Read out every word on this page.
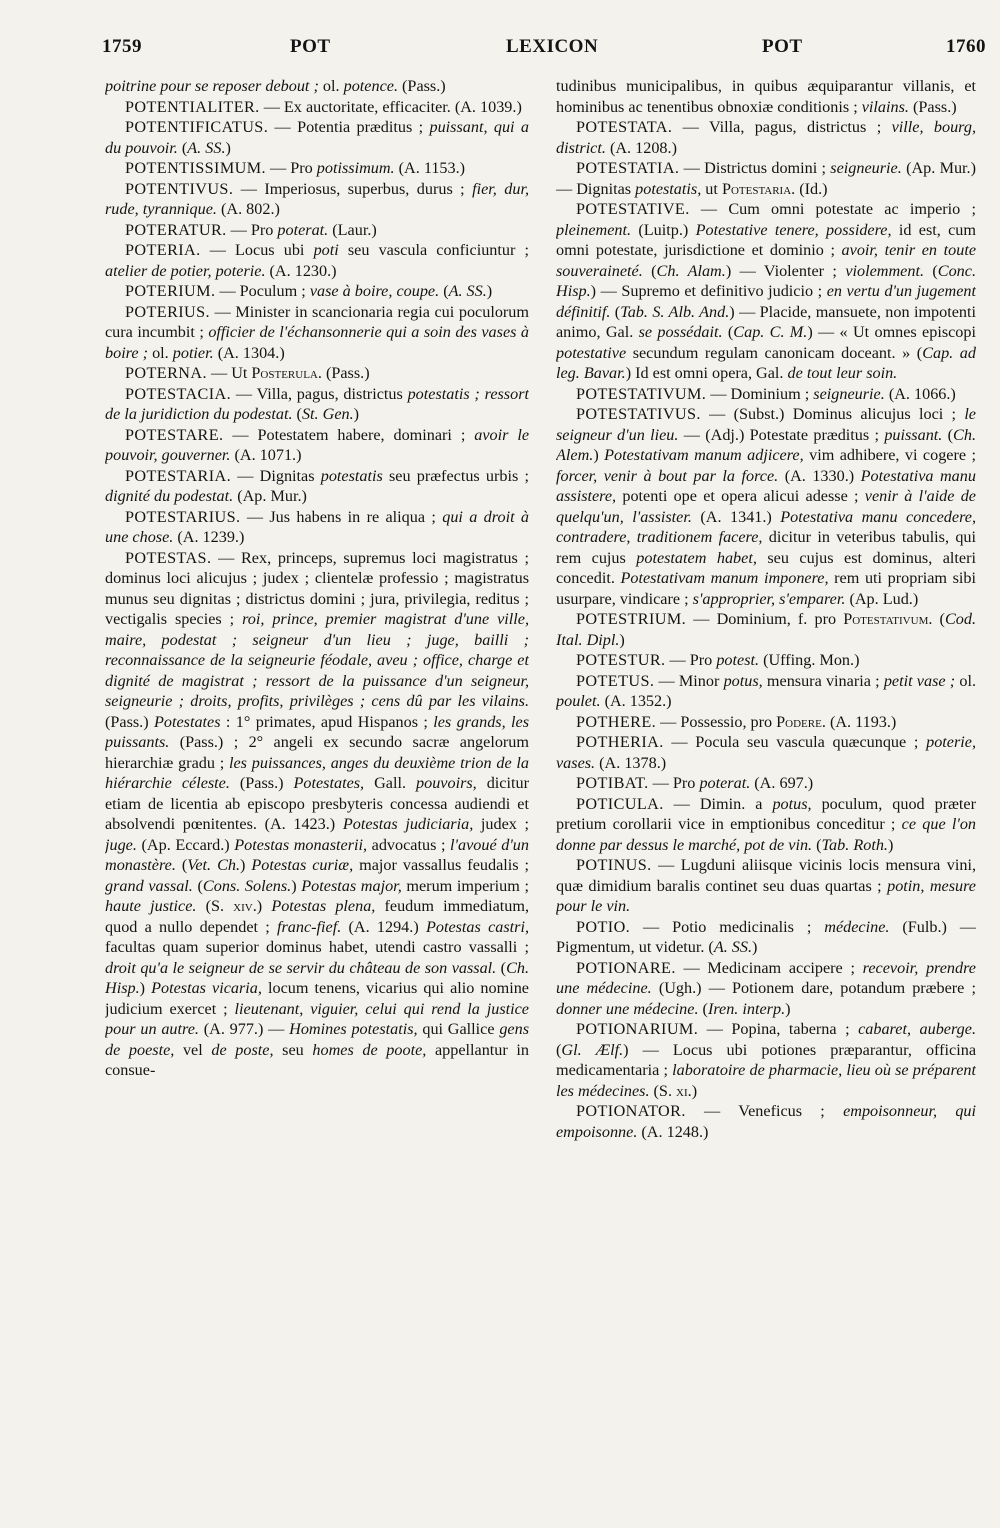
1759	POT	LEXICON	POT	1760

poitrine pour se reposer debout ; ol. potence. (Pass.)

POTENTIALITER. — Ex auctoritate, efficaciter. (A. 1039.)

POTENTIFICATUS. — Potentia præditus ; puissant, qui a du pouvoir. (A. SS.)

POTENTISSIMUM. — Pro potissimum. (A. 1153.)

POTENTIVUS. — Imperiosus, superbus, durus ; fier, dur, rude, tyrannique. (A. 802.)

POTERATUR. — Pro poterat. (Laur.)

POTERIA. — Locus ubi poti seu vascula conficiuntur ; atelier de potier, poterie. (A. 1230.)

POTERIUM. — Poculum ; vase à boire, coupe. (A. SS.)

POTERIUS. — Minister in scancionaria regia cui poculorum cura incumbit ; officier de l'échansonnerie qui a soin des vases à boire ; ol. potier. (A. 1304.)

POTERNA. — Ut Posterula. (Pass.)

POTESTACIA. — Villa, pagus, districtus potestatis ; ressort de la juridiction du podestat. (St. Gen.)

POTESTARE. — Potestatem habere, dominari ; avoir le pouvoir, gouverner. (A. 1071.)

POTESTARIA. — Dignitas potestatis seu præfectus urbis ; dignité du podestat. (Ap. Mur.)

POTESTARIUS. — Jus habens in re aliqua ; qui a droit à une chose. (A. 1239.)

POTESTAS. — Rex, princeps, supremus loci magistratus ; dominus loci alicujus ; judex ; clientelæ professio ; magistratus munus seu dignitas ; districtus domini ; jura, privilegia, reditus ; vectigalis species ; roi, prince, premier magistrat d'une ville, maire, podestat ; seigneur d'un lieu ; juge, bailli ; reconnaissance de la seigneurie féodale, aveu ; office, charge et dignité de magistrat ; ressort de la puissance d'un seigneur, seigneurie ; droits, profits, privilèges ; cens dû par les vilains. (Pass.) Potestates : 1° primates, apud Hispanos ; les grands, les puissants. (Pass.) ; 2° angeli ex secundo sacræ angelorum hierarchiæ gradu ; les puissances, anges du deuxième trion de la hiérarchie céleste. (Pass.) Potestates, Gall. pouvoirs, dicitur etiam de licentia ab episcopo presbyteris concessa audiendi et absolvendi pœnitentes. (A. 1423.) Potestas judiciaria, judex ; juge. (Ap. Eccard.) Potestas monasterii, advocatus ; l'avoué d'un monastère. (Vet. Ch.) Potestas curiæ, major vassallus feudalis ; grand vassal. (Cons. Solens.) Potestas major, merum imperium ; haute justice. (S. xiv.) Potestas plena, feudum immediatum, quod a nullo dependet ; franc-fief. (A. 1294.) Potestas castri, facultas quam superior dominus habet, utendi castro vassalli ; droit qu'a le seigneur de se servir du château de son vassal. (Ch. Hisp.) Potestas vicaria, locum tenens, vicarius qui alio nomine judicium exercet ; lieutenant, viguier, celui qui rend la justice pour un autre. (A. 977.) — Homines potestatis, qui Gallice gens de poeste, vel de poste, seu homes de poote, appellantur in consue-

tudinibus municipalibus, in quibus æquiparantur villanis, et hominibus ac tenentibus obnoxiæ conditionis ; vilains. (Pass.)

POTESTATA. — Villa, pagus, districtus ; ville, bourg, district. (A. 1208.)

POTESTATIA. — Districtus domini ; seigneurie. (Ap. Mur.) — Dignitas potestatis, ut Potestaria. (Id.)

POTESTATIVE. — Cum omni potestate ac imperio ; pleinement. (Luitp.) Potestative tenere, possidere, id est, cum omni potestate, jurisdictione et dominio ; avoir, tenir en toute souveraineté. (Ch. Alam.) — Violenter ; violemment. (Conc. Hisp.) — Supremo et definitivo judicio ; en vertu d'un jugement définitif. (Tab. S. Alb. And.) — Placide, mansuete, non impotenti animo, Gal. se possédait. (Cap. C. M.) — « Ut omnes episcopi potestative secundum regulam canonicam doceant. » (Cap. ad leg. Bavar.) Id est omni opera, Gal. de tout leur soin.

POTESTATIVUM. — Dominium ; seigneurie. (A. 1066.)

POTESTATIVUS. — (Subst.) Dominus alicujus loci ; le seigneur d'un lieu. — (Adj.) Potestate præditus ; puissant. (Ch. Alem.) Potestativam manum adjicere, vim adhibere, vi cogere ; forcer, venir à bout par la force. (A. 1330.) Potestativa manu assistere, potenti ope et opera alicui adesse ; venir à l'aide de quelqu'un, l'assister. (A. 1341.) Potestativa manu concedere, contradere, traditionem facere, dicitur in veteribus tabulis, qui rem cujus potestatem habet, seu cujus est dominus, alteri concedit. Potestativam manum imponere, rem uti propriam sibi usurpare, vindicare ; s'approprier, s'emparer. (Ap. Lud.)

POTESTRIUM. — Dominium, f. pro Potestativum. (Cod. Ital. Dipl.)

POTESTUR. — Pro potest. (Uffing. Mon.)

POTETUS. — Minor potus, mensura vinaria ; petit vase ; ol. poulet. (A. 1352.)

POTHERE. — Possessio, pro Podere. (A. 1193.)

POTHERIA. — Pocula seu vascula quæcunque ; poterie, vases. (A. 1378.)

POTIBAT. — Pro poterat. (A. 697.)

POTICULA. — Dimin. a potus, poculum, quod præter pretium corollarii vice in emptionibus conceditur ; ce que l'on donne par dessus le marché, pot de vin. (Tab. Roth.)

POTINUS. — Lugduni aliisque vicinis locis mensura vini, quæ dimidium baralis continet seu duas quartas ; potin, mesure pour le vin.

POTIO. — Potio medicinalis ; médecine. (Fulb.) — Pigmentum, ut videtur. (A. SS.)

POTIONARE. — Medicinam accipere ; recevoir, prendre une médecine. (Ugh.) — Potionem dare, potandum præbere ; donner une médecine. (Iren. interp.)

POTIONARIUM. — Popina, taberna ; cabaret, auberge. (Gl. Ælf.) — Locus ubi potiones præparantur, officina medicamentaria ; laboratoire de pharmacie, lieu où se préparent les médecines. (S. xi.)

POTIONATOR. — Veneficus ; empoisonneur, qui empoisonne. (A. 1248.)
